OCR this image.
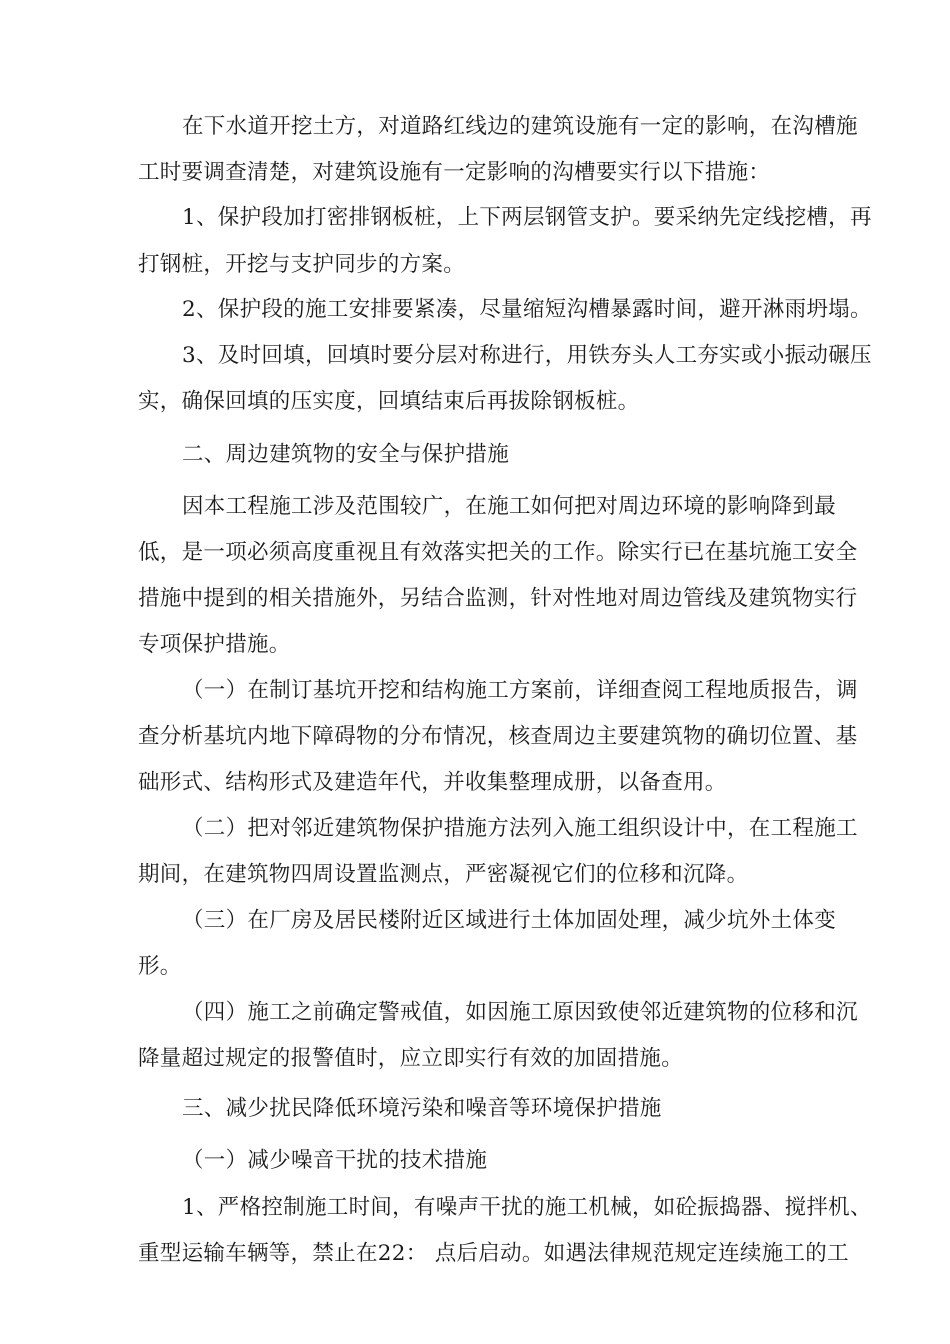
在下水道开挖土方，对道路红线边的建筑设施有一定的影响，在沟槽施
工时要调查清楚，对建筑设施有一定影响的沟槽要实行以下措施：
1、保护段加打密排钢板桩，上下两层钢管支护。要采纳先定线挖槽，再
打钢桩，开挖与支护同步的方案。
2、保护段的施工安排要紧凑，尽量缩短沟槽暴露时间，避开淋雨坍塌。
3、及时回填，回填时要分层对称进行，用铁夯头人工夯实或小振动碾压
实，确保回填的压实度，回填结束后再拔除钢板桩。
二、周边建筑物的安全与保护措施
因本工程施工涉及范围较广，在施工如何把对周边环境的影响降到最
低，是一项必须高度重视且有效落实把关的工作。除实行已在基坑施工安全
措施中提到的相关措施外，另结合监测，针对性地对周边管线及建筑物实行
专项保护措施。
（一）在制订基坑开挖和结构施工方案前，详细查阅工程地质报告，调
查分析基坑内地下障碍物的分布情况，核查周边主要建筑物的确切位置、基
础形式、结构形式及建造年代，并收集整理成册，以备查用。
（二）把对邻近建筑物保护措施方法列入施工组织设计中，在工程施工
期间，在建筑物四周设置监测点，严密凝视它们的位移和沉降。
（三）在厂房及居民楼附近区域进行土体加固处理，减少坑外土体变
形。
（四）施工之前确定警戒值，如因施工原因致使邻近建筑物的位移和沉
降量超过规定的报警值时，应立即实行有效的加固措施。
三、减少扰民降低环境污染和噪音等环境保护措施
（一）减少噪音干扰的技术措施
1、严格控制施工时间，有噪声干扰的施工机械，如砼振捣器、搅拌机、
重型运输车辆等，禁止在22： 点后启动。如遇法律规范规定连续施工的工
